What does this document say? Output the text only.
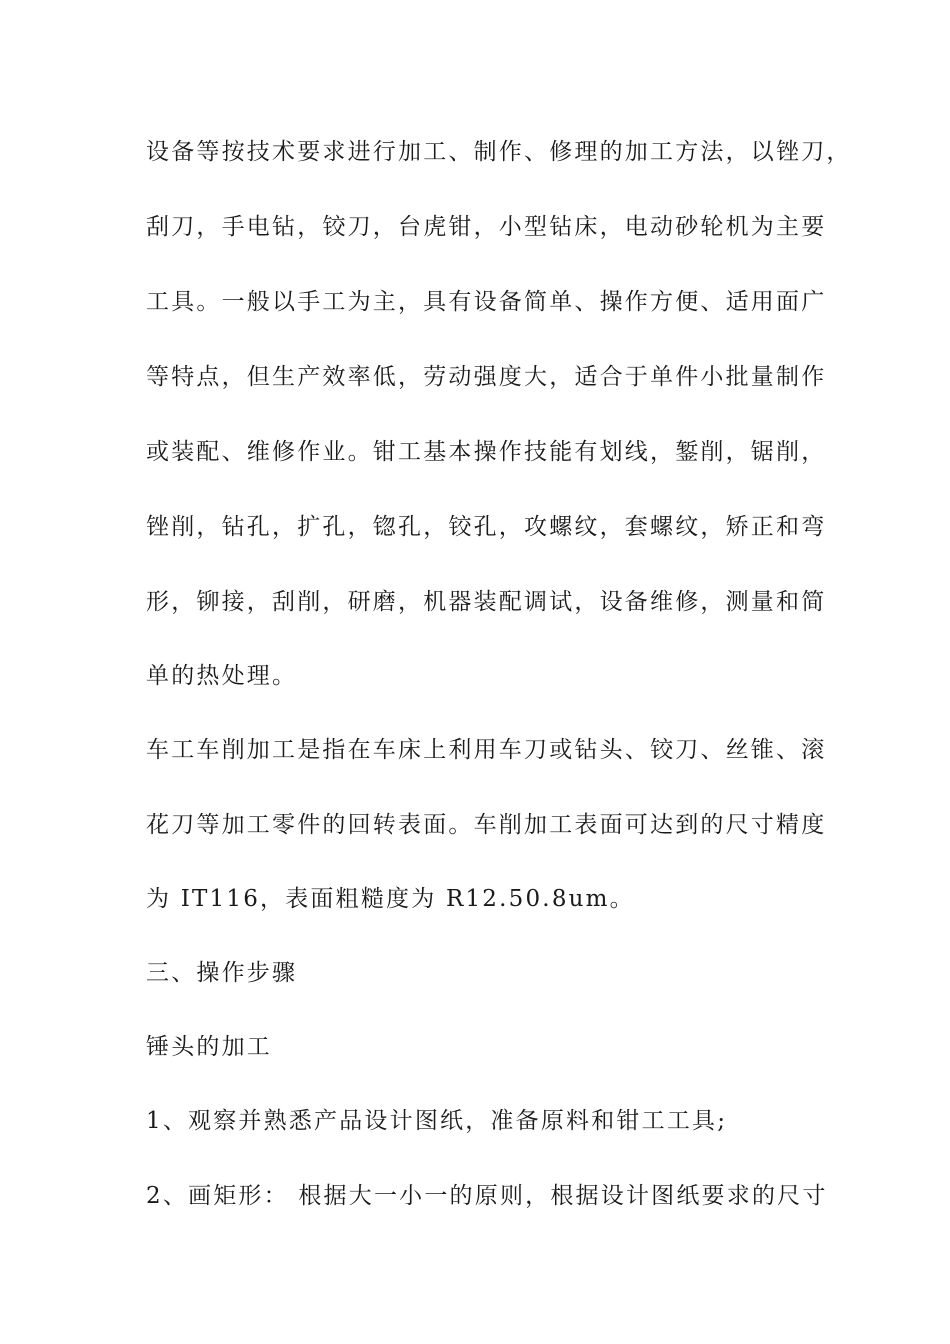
设备等按技术要求进行加工、制作、修理的加工方法，以锉刀，
刮刀，手电钻，铰刀，台虎钳，小型钻床，电动砂轮机为主要
工具。一般以手工为主，具有设备简单、操作方便、适用面广
等特点，但生产效率低，劳动强度大，适合于单件小批量制作
或装配、维修作业。钳工基本操作技能有划线，錾削，锯削，
锉削，钻孔，扩孔，锪孔，铰孔，攻螺纹，套螺纹，矫正和弯
形，铆接，刮削，研磨，机器装配调试，设备维修，测量和简
单的热处理。
车工车削加工是指在车床上利用车刀或钻头、铰刀、丝锥、滚
花刀等加工零件的回转表面。车削加工表面可达到的尺寸精度
为 IT116，表面粗糙度为 R12.50.8um。
三、操作步骤
锤头的加工
1、观察并熟悉产品设计图纸，准备原料和钳工工具;
2、画矩形： 根据大一小一的原则，根据设计图纸要求的尺寸
